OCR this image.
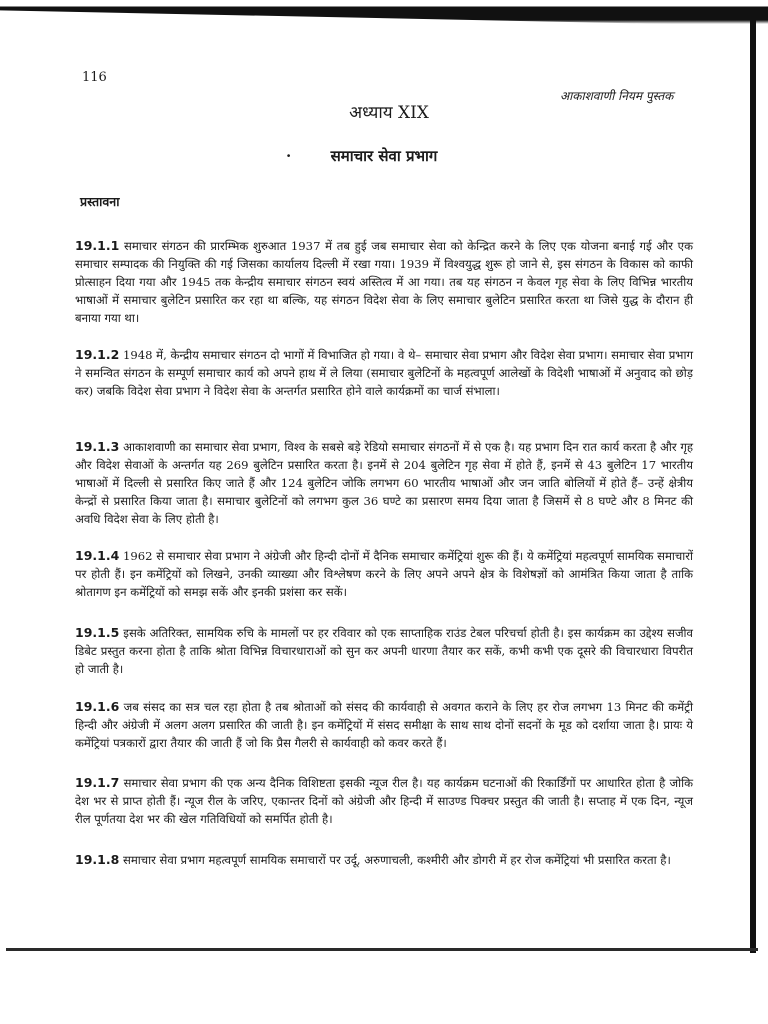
116
आकाशवाणी नियम पुस्तक
अध्याय XIX
·	समाचार सेवा प्रभाग
प्रस्तावना

19.1.1 समाचार संगठन की प्रारम्भिक शुरुआत 1937 में तब हुई जब समाचार सेवा को केन्द्रित करने के लिए एक योजना बनाई गई और एक समाचार सम्पादक की नियुक्ति की गई जिसका कार्यालय दिल्ली में रखा गया। 1939 में विश्वयुद्ध शुरू हो जाने से, इस संगठन के विकास को काफी प्रोत्साहन दिया गया और 1945 तक केन्द्रीय समाचार संगठन स्वयं अस्तित्व में आ गया। तब यह संगठन न केवल गृह सेवा के लिए विभिन्न भारतीय भाषाओं में समाचार बुलेटिन प्रसारित कर रहा था बल्कि, यह संगठन विदेश सेवा के लिए समाचार बुलेटिन प्रसारित करता था जिसे युद्ध के दौरान ही बनाया गया था।

19.1.2 1948 में, केन्द्रीय समाचार संगठन दो भागों में विभाजित हो गया। वे थे– समाचार सेवा प्रभाग और विदेश सेवा प्रभाग। समाचार सेवा प्रभाग ने समन्वित संगठन के सम्पूर्ण समाचार कार्य को अपने हाथ में ले लिया (समाचार बुलेटिनों के महत्वपूर्ण आलेखों के विदेशी भाषाओं में अनुवाद को छोड़ कर) जबकि विदेश सेवा प्रभाग ने विदेश सेवा के अन्तर्गत प्रसारित होने वाले कार्यक्रमों का चार्ज संभाला।

19.1.3 आकाशवाणी का समाचार सेवा प्रभाग, विश्व के सबसे बड़े रेडियो समाचार संगठनों में से एक है। यह प्रभाग दिन रात कार्य करता है और गृह और विदेश सेवाओं के अन्तर्गत यह 269 बुलेटिन प्रसारित करता है। इनमें से 204 बुलेटिन गृह सेवा में होते हैं, इनमें से 43 बुलेटिन 17 भारतीय भाषाओं में दिल्ली से प्रसारित किए जाते हैं और 124 बुलेटिन जोकि लगभग 60 भारतीय भाषाओं और जन जाति बोलियों में होते हैं– उन्हें क्षेत्रीय केन्द्रों से प्रसारित किया जाता है। समाचार बुलेटिनों को लगभग कुल 36 घण्टे का प्रसारण समय दिया जाता है जिसमें से 8 घण्टे और 8 मिनट की अवधि विदेश सेवा के लिए होती है।

19.1.4 1962 से समाचार सेवा प्रभाग ने अंग्रेजी और हिन्दी दोनों में दैनिक समाचार कमेंट्रियां शुरू की हैं। ये कमेंट्रियां महत्वपूर्ण सामयिक समाचारों पर होती हैं। इन कमेंट्रियों को लिखने, उनकी व्याख्या और विश्लेषण करने के लिए अपने अपने क्षेत्र के विशेषज्ञों को आमंत्रित किया जाता है ताकि श्रोतागण इन कमेंट्रियों को समझ सकें और इनकी प्रशंसा कर सकें।

19.1.5 इसके अतिरिक्त, सामयिक रुचि के मामलों पर हर रविवार को एक साप्ताहिक राउंड टेबल परिचर्चा होती है। इस कार्यक्रम का उद्देश्य सजीव डिबेट प्रस्तुत करना होता है ताकि श्रोता विभिन्न विचारधाराओं को सुन कर अपनी धारणा तैयार कर सकें, कभी कभी एक दूसरे की विचारधारा विपरीत हो जाती है।

19.1.6 जब संसद का सत्र चल रहा होता है तब श्रोताओं को संसद की कार्यवाही से अवगत कराने के लिए हर रोज लगभग 13 मिनट की कमेंट्री हिन्दी और अंग्रेजी में अलग अलग प्रसारित की जाती है। इन कमेंट्रियों में संसद समीक्षा के साथ साथ दोनों सदनों के मूड को दर्शाया जाता है। प्रायः ये कमेंट्रियां पत्रकारों द्वारा तैयार की जाती हैं जो कि प्रैस गैलरी से कार्यवाही को कवर करते हैं।

19.1.7 समाचार सेवा प्रभाग की एक अन्य दैनिक विशिष्टता इसकी न्यूज रील है। यह कार्यक्रम घटनाओं की रिकार्डिंगों पर आधारित होता है जोकि देश भर से प्राप्त होती हैं। न्यूज रील के जरिए, एकान्तर दिनों को अंग्रेजी और हिन्दी में साउण्ड पिक्चर प्रस्तुत की जाती है। सप्ताह में एक दिन, न्यूज रील पूर्णतया देश भर की खेल गतिविधियों को समर्पित होती है।

19.1.8 समाचार सेवा प्रभाग महत्वपूर्ण सामयिक समाचारों पर उर्दू, अरुणाचली, कश्मीरी और डोगरी में हर रोज कमेंट्रियां भी प्रसारित करता है।
